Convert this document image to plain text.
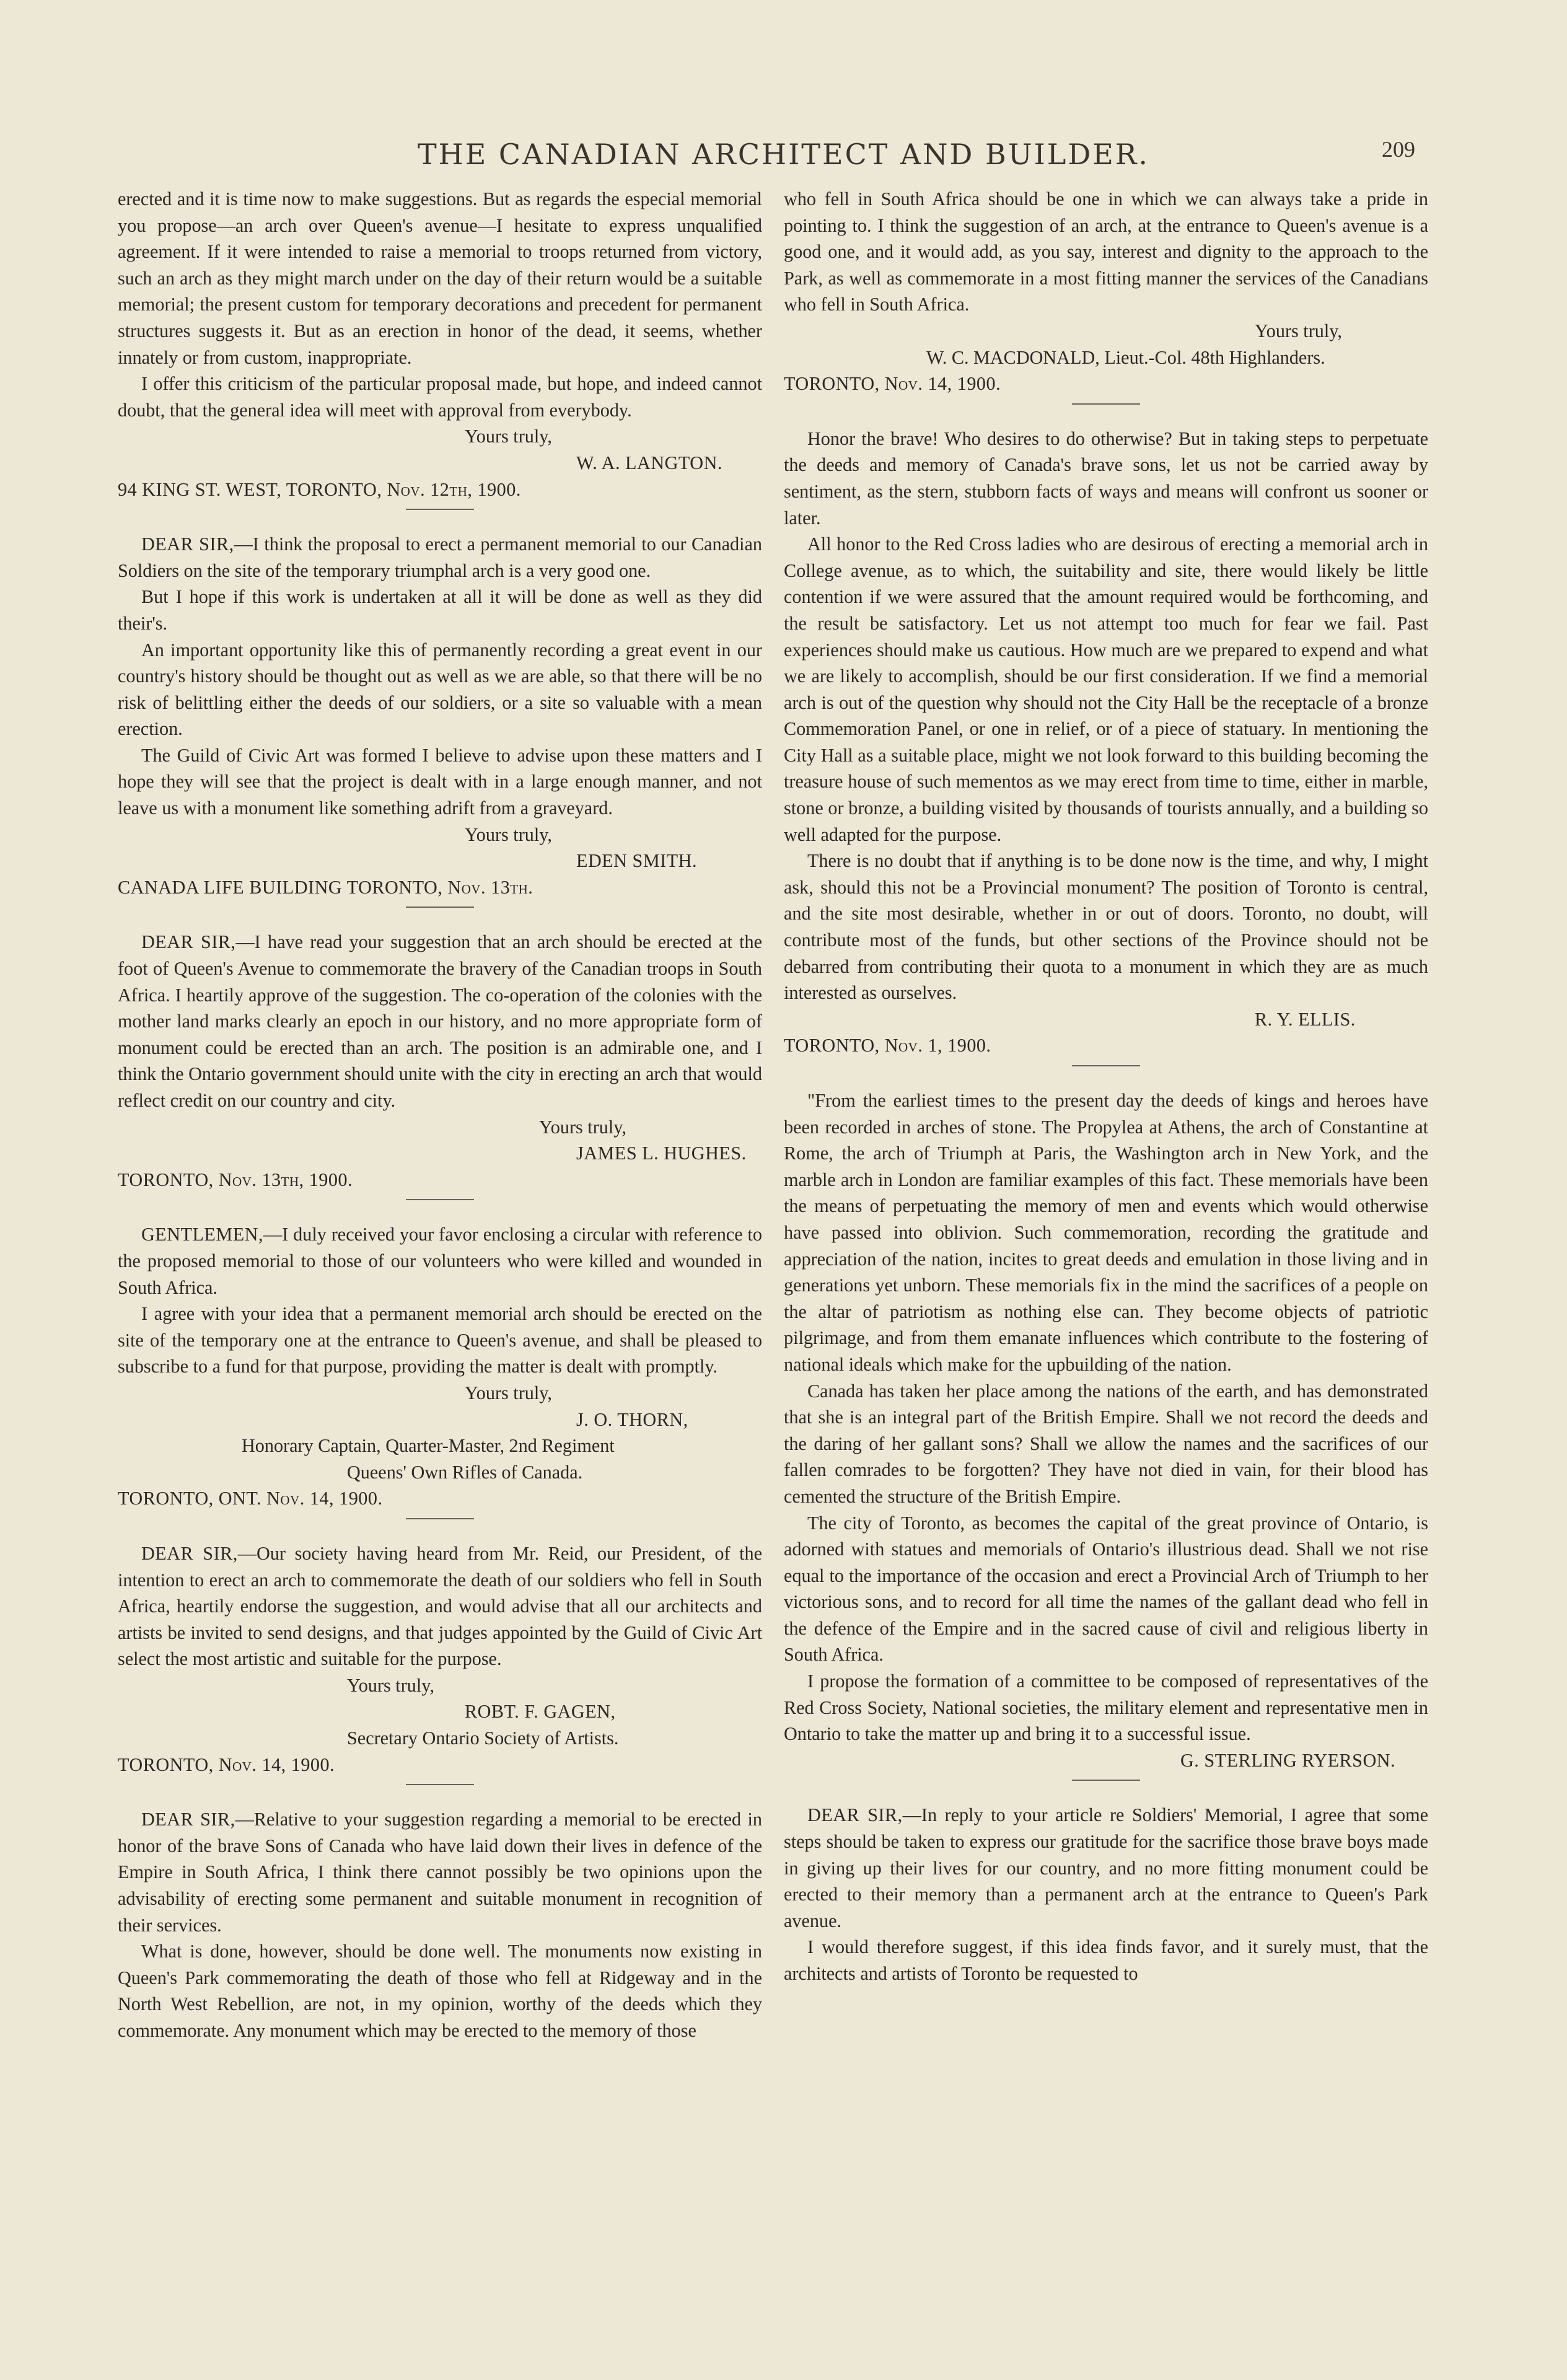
THE CANADIAN ARCHITECT AND BUILDER.	209

erected and it is time now to make suggestions. But as regards the especial memorial you propose—an arch over Queen's avenue—I hesitate to express unqualified agreement. If it were intended to raise a memorial to troops returned from victory, such an arch as they might march under on the day of their return would be a suitable memorial; the present custom for temporary decorations and precedent for permanent structures suggests it. But as an erection in honor of the dead, it seems, whether innately or from custom, inappropriate.

I offer this criticism of the particular proposal made, but hope, and indeed cannot doubt, that the general idea will meet with approval from everybody.

Yours truly,

W. A. LANGTON.

94 KING ST. WEST, TORONTO, Nov. 12th, 1900.

DEAR SIR,—I think the proposal to erect a permanent memorial to our Canadian Soldiers on the site of the temporary triumphal arch is a very good one.

But I hope if this work is undertaken at all it will be done as well as they did their's.

An important opportunity like this of permanently recording a great event in our country's history should be thought out as well as we are able, so that there will be no risk of belittling either the deeds of our soldiers, or a site so valuable with a mean erection.

The Guild of Civic Art was formed I believe to advise upon these matters and I hope they will see that the project is dealt with in a large enough manner, and not leave us with a monument like something adrift from a graveyard.

Yours truly,

EDEN SMITH.

CANADA LIFE BUILDING TORONTO, Nov. 13th.

DEAR SIR,—I have read your suggestion that an arch should be erected at the foot of Queen's Avenue to commemorate the bravery of the Canadian troops in South Africa. I heartily approve of the suggestion. The co-operation of the colonies with the mother land marks clearly an epoch in our history, and no more appropriate form of monument could be erected than an arch. The position is an admirable one, and I think the Ontario government should unite with the city in erecting an arch that would reflect credit on our country and city.

Yours truly,

JAMES L. HUGHES.

TORONTO, Nov. 13th, 1900.

GENTLEMEN,—I duly received your favor enclosing a circular with reference to the proposed memorial to those of our volunteers who were killed and wounded in South Africa.

I agree with your idea that a permanent memorial arch should be erected on the site of the temporary one at the entrance to Queen's avenue, and shall be pleased to subscribe to a fund for that purpose, providing the matter is dealt with promptly.

Yours truly,

J. O. THORN,

Honorary Captain, Quarter-Master, 2nd Regiment

Queens' Own Rifles of Canada.

TORONTO, ONT. Nov. 14, 1900.

DEAR SIR,—Our society having heard from Mr. Reid, our President, of the intention to erect an arch to commemorate the death of our soldiers who fell in South Africa, heartily endorse the suggestion, and would advise that all our architects and artists be invited to send designs, and that judges appointed by the Guild of Civic Art select the most artistic and suitable for the purpose.

Yours truly,

ROBT. F. GAGEN,

Secretary Ontario Society of Artists.

TORONTO, Nov. 14, 1900.

DEAR SIR,—Relative to your suggestion regarding a memorial to be erected in honor of the brave Sons of Canada who have laid down their lives in defence of the Empire in South Africa, I think there cannot possibly be two opinions upon the advisability of erecting some permanent and suitable monument in recognition of their services.

What is done, however, should be done well. The monuments now existing in Queen's Park commemorating the death of those who fell at Ridgeway and in the North West Rebellion, are not, in my opinion, worthy of the deeds which they commemorate. Any monument which may be erected to the memory of those

who fell in South Africa should be one in which we can always take a pride in pointing to. I think the suggestion of an arch, at the entrance to Queen's avenue is a good one, and it would add, as you say, interest and dignity to the approach to the Park, as well as commemorate in a most fitting manner the services of the Canadians who fell in South Africa.

Yours truly,

W. C. MACDONALD, Lieut.-Col. 48th Highlanders.

TORONTO, Nov. 14, 1900.

Honor the brave! Who desires to do otherwise? But in taking steps to perpetuate the deeds and memory of Canada's brave sons, let us not be carried away by sentiment, as the stern, stubborn facts of ways and means will confront us sooner or later.

All honor to the Red Cross ladies who are desirous of erecting a memorial arch in College avenue, as to which, the suitability and site, there would likely be little contention if we were assured that the amount required would be forthcoming, and the result be satisfactory. Let us not attempt too much for fear we fail. Past experiences should make us cautious. How much are we prepared to expend and what we are likely to accomplish, should be our first consideration. If we find a memorial arch is out of the question why should not the City Hall be the receptacle of a bronze Commemoration Panel, or one in relief, or of a piece of statuary. In mentioning the City Hall as a suitable place, might we not look forward to this building becoming the treasure house of such mementos as we may erect from time to time, either in marble, stone or bronze, a building visited by thousands of tourists annually, and a building so well adapted for the purpose.

There is no doubt that if anything is to be done now is the time, and why, I might ask, should this not be a Provincial monument? The position of Toronto is central, and the site most desirable, whether in or out of doors. Toronto, no doubt, will contribute most of the funds, but other sections of the Province should not be debarred from contributing their quota to a monument in which they are as much interested as ourselves.

R. Y. ELLIS.

TORONTO, Nov. 1, 1900.

"From the earliest times to the present day the deeds of kings and heroes have been recorded in arches of stone. The Propylea at Athens, the arch of Constantine at Rome, the arch of Triumph at Paris, the Washington arch in New York, and the marble arch in London are familiar examples of this fact. These memorials have been the means of perpetuating the memory of men and events which would otherwise have passed into oblivion. Such commemoration, recording the gratitude and appreciation of the nation, incites to great deeds and emulation in those living and in generations yet unborn. These memorials fix in the mind the sacrifices of a people on the altar of patriotism as nothing else can. They become objects of patriotic pilgrimage, and from them emanate influences which contribute to the fostering of national ideals which make for the upbuilding of the nation.

Canada has taken her place among the nations of the earth, and has demonstrated that she is an integral part of the British Empire. Shall we not record the deeds and the daring of her gallant sons? Shall we allow the names and the sacrifices of our fallen comrades to be forgotten? They have not died in vain, for their blood has cemented the structure of the British Empire.

The city of Toronto, as becomes the capital of the great province of Ontario, is adorned with statues and memorials of Ontario's illustrious dead. Shall we not rise equal to the importance of the occasion and erect a Provincial Arch of Triumph to her victorious sons, and to record for all time the names of the gallant dead who fell in the defence of the Empire and in the sacred cause of civil and religious liberty in South Africa.

I propose the formation of a committee to be composed of representatives of the Red Cross Society, National societies, the military element and representative men in Ontario to take the matter up and bring it to a successful issue.

G. STERLING RYERSON.

DEAR SIR,—In reply to your article re Soldiers' Memorial, I agree that some steps should be taken to express our gratitude for the sacrifice those brave boys made in giving up their lives for our country, and no more fitting monument could be erected to their memory than a permanent arch at the entrance to Queen's Park avenue.

I would therefore suggest, if this idea finds favor, and it surely must, that the architects and artists of Toronto be requested to
